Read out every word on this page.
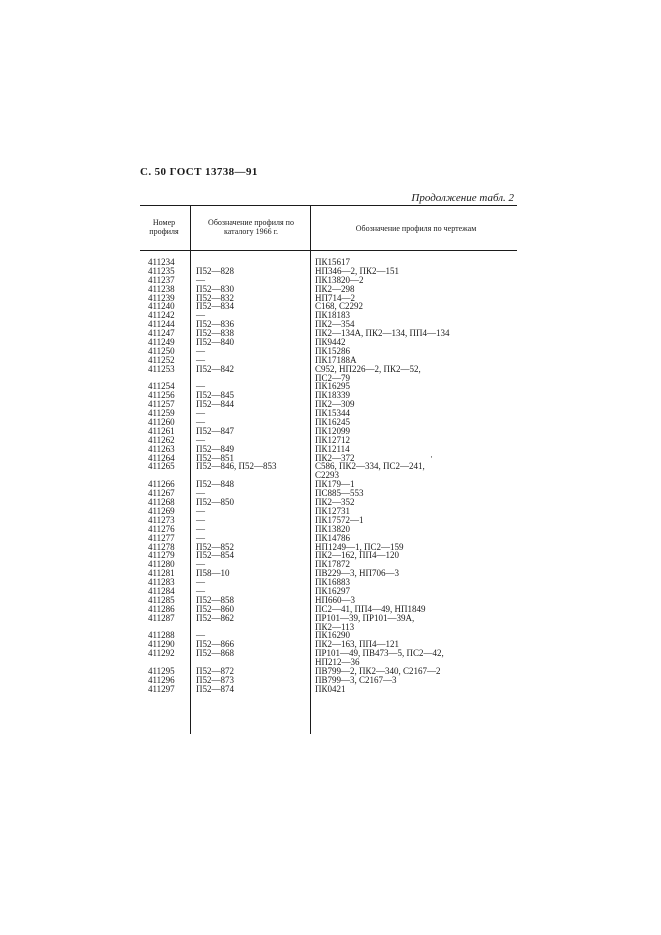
С. 50 ГОСТ 13738—91
Продолжение табл. 2
Номер профиля
Обозначение профиля по каталогу 1966 г.	Обозначение профиля по чертежам
411234	ПК15617
411235 П52—828	НП346—2, ПК2—151
411237 —	ПК13820—2
411238 П52—830	ПК2—298
411239 П52—832	НП714—2
411240 П52—834	С168, С2292
411242 —	ПК18183
411244 П52—836	ПК2—354
411247 П52—838	ПК2—134А, ПК2—134, ПП4—134
411249 П52—840	ПК9442
411250 —	ПК15286
411252 —	ПК17188А
411253 П52—842	С952, НП226—2, ПК2—52,
ПС2—79
411254 —	ПК16295
411256 П52—845	ПК18339
411257 П52—844	ПК2—309
411259 —	ПК15344
411260 —	ПК16245
411261 П52—847	ПК12099
411262 —	ПК12712
411263 П52—849	ПК12114
411264 П52—851	ПК2—372
411265 П52—846, П52—853	С586, ПК2—334, ПС2—241,
С2293
411266 П52—848	ПК179—1
411267 —	ПС885—553
411268 П52—850	ПК2—352
411269 —	ПК12731
411273 —	ПК17572—1
411276 —	ПК13820
411277 —	ПК14786
411278 П52—852	НП1249—1, ПС2—159
411279 П52—854	ПК2—162, ПП4—120
411280 —	ПК17872
411281 П58—10	ПВ229—3, НП706—3
411283 —	ПК16883
411284 —	ПК16297
411285 П52—858	НП660—3
411286 П52—860	ПС2—41, ПП4—49, НП1849
411287 П52—862	ПР101—39, ПР101—39А,
ПК2—113
411288 —	ПК16290
411290 П52—866	ПК2—163, ПП4—121
411292 П52—868	ПР101—49, ПВ473—5, ПС2—42,
НП212—36
411295 П52—872	ПВ799—2, ПК2—340, С2167—2
411296 П52—873	ПВ799—3, С2167—3
411297 П52—874	ПК0421
·
